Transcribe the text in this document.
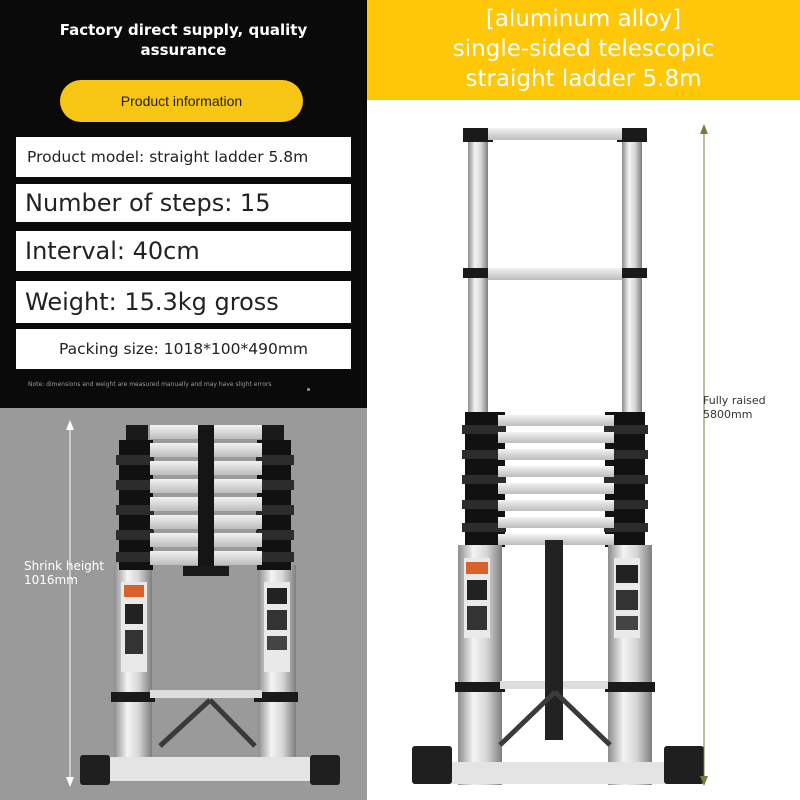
Factory direct supply, quality
assurance
Product information
Product model: straight ladder 5.8m
Number of steps: 15
Interval: 40cm
Weight: 15.3kg gross
Packing size: 1018*100*490mm
Note: dimensions and weight are measured manually and may have slight errors
[aluminum alloy]
single-sided telescopic
straight ladder 5.8m
Shrink height
1016mm
Fully raised
5800mm
